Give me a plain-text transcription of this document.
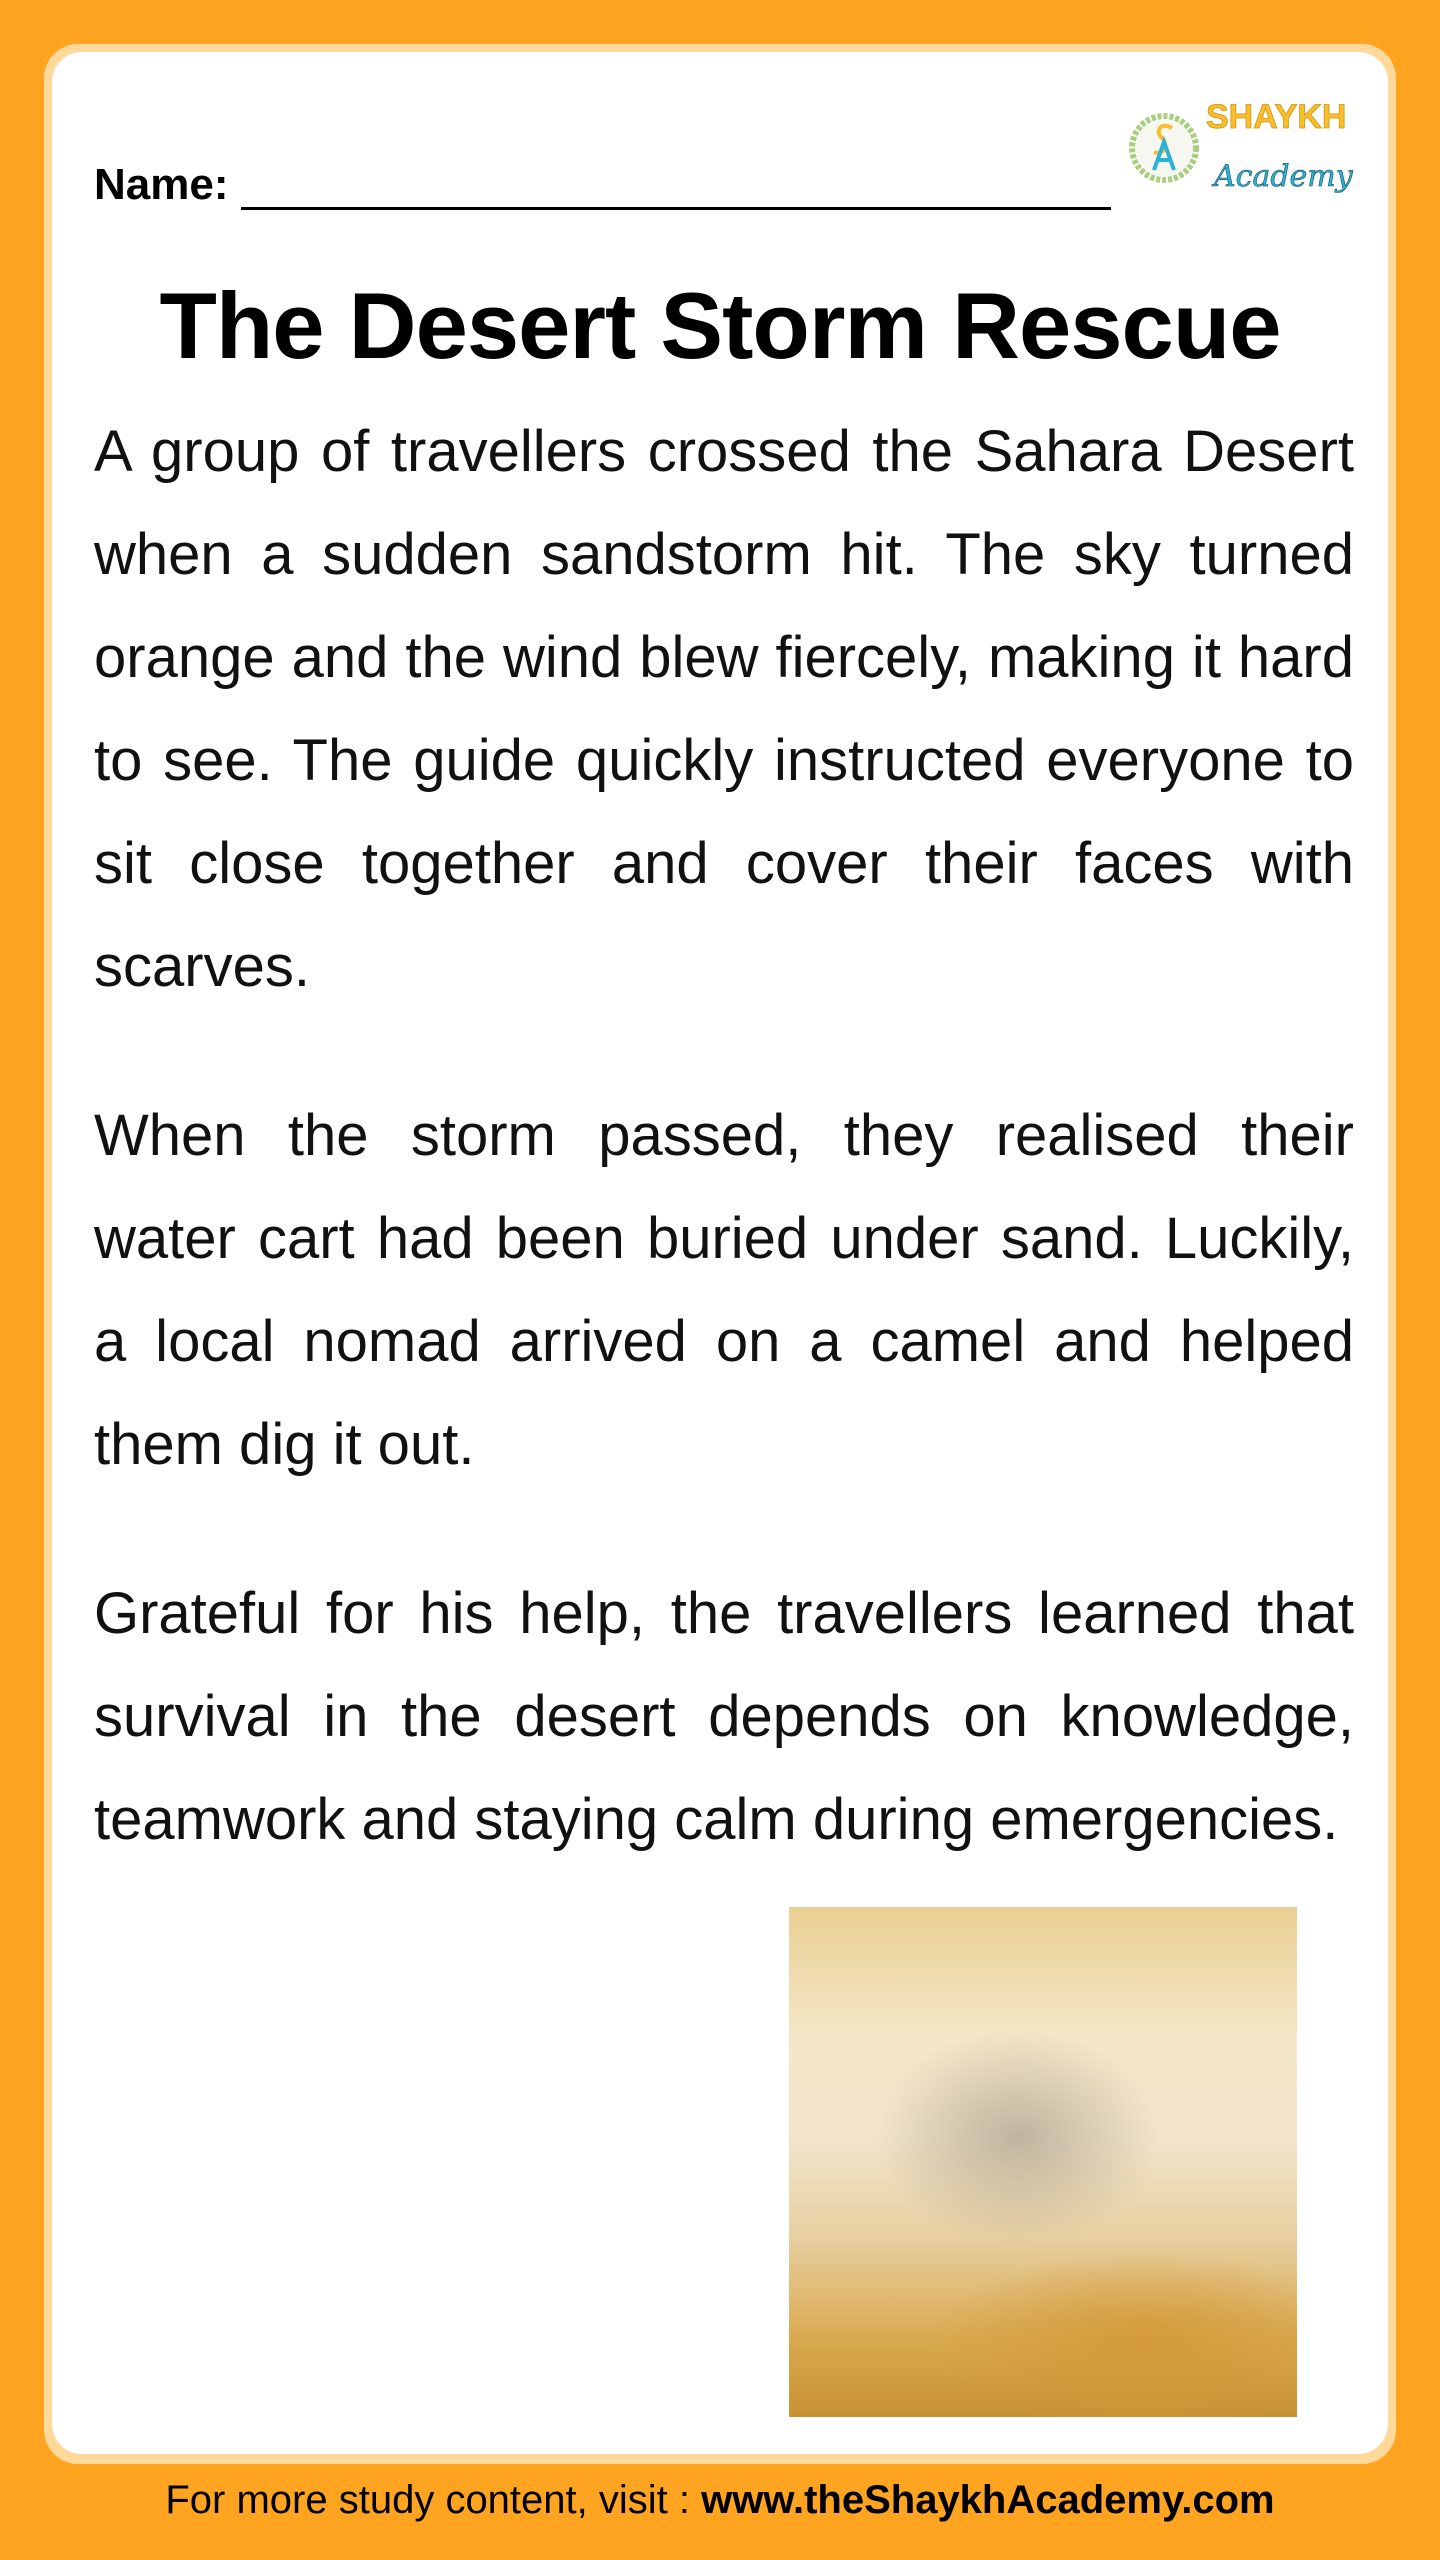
Name:
SHAYKH
Academy
The Desert Storm Rescue

A group of travellers crossed the Sahara Desert when a sudden sandstorm hit. The sky turned orange and the wind blew fiercely, making it hard to see. The guide quickly instructed everyone to sit close together and cover their faces with scarves.

When the storm passed, they realised their water cart had been buried under sand. Luckily, a local nomad arrived on a camel and helped them dig it out.

Grateful for his help, the travellers learned that survival in the desert depends on knowledge, teamwork and staying calm during emergencies.

For more study content, visit : www.theShaykhAcademy.com
